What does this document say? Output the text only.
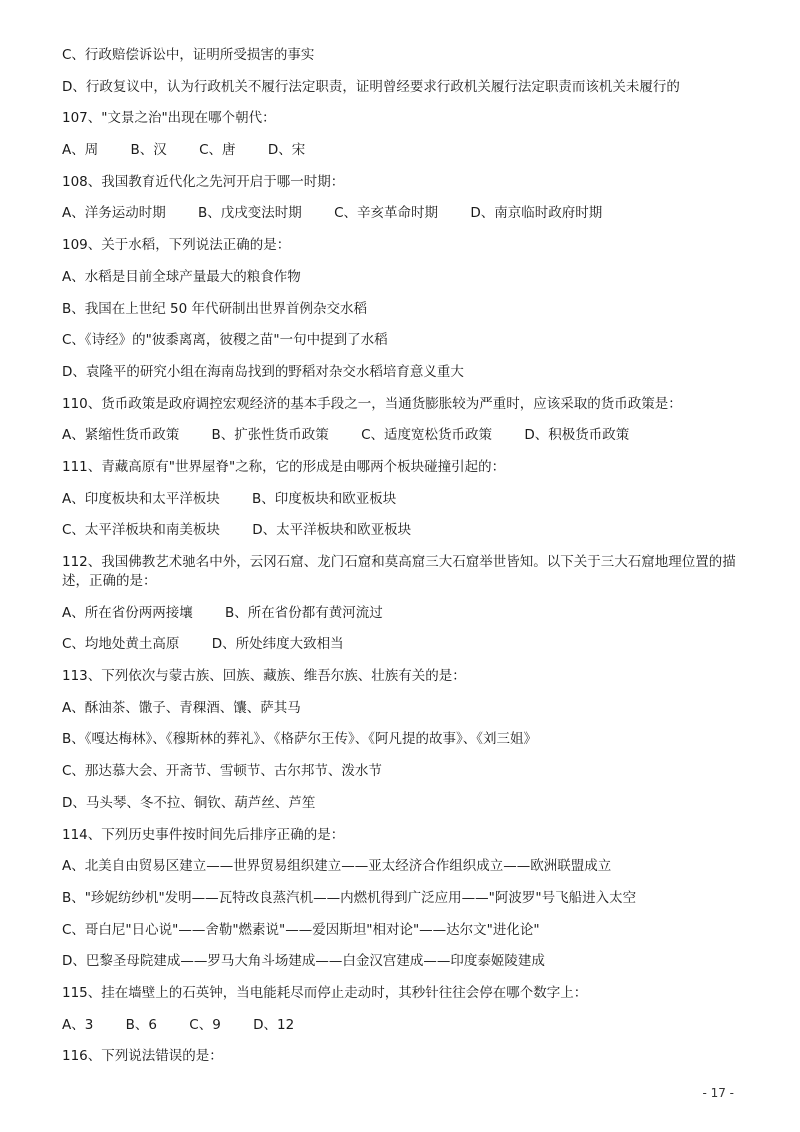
C、行政赔偿诉讼中，证明所受损害的事实

D、行政复议中，认为行政机关不履行法定职责，证明曾经要求行政机关履行法定职责而该机关未履行的

107、"文景之治"出现在哪个朝代：

A、周 B、汉 C、唐 D、宋

108、我国教育近代化之先河开启于哪一时期：

A、洋务运动时期 B、戊戌变法时期 C、辛亥革命时期 D、南京临时政府时期

109、关于水稻，下列说法正确的是：

A、水稻是目前全球产量最大的粮食作物

B、我国在上世纪 50 年代研制出世界首例杂交水稻

C、《诗经》的"彼黍离离，彼稷之苗"一句中提到了水稻

D、袁隆平的研究小组在海南岛找到的野稻对杂交水稻培育意义重大

110、货币政策是政府调控宏观经济的基本手段之一，当通货膨胀较为严重时，应该采取的货币政策是：

A、紧缩性货币政策 B、扩张性货币政策 C、适度宽松货币政策 D、积极货币政策

111、青藏高原有"世界屋脊"之称，它的形成是由哪两个板块碰撞引起的：

A、印度板块和太平洋板块 B、印度板块和欧亚板块

C、太平洋板块和南美板块 D、太平洋板块和欧亚板块

112、我国佛教艺术驰名中外，云冈石窟、龙门石窟和莫高窟三大石窟举世皆知。以下关于三大石窟地理位置的描述，正确的是：

A、所在省份两两接壤 B、所在省份都有黄河流过

C、均地处黄土高原 D、所处纬度大致相当

113、下列依次与蒙古族、回族、藏族、维吾尔族、壮族有关的是：

A、酥油茶、馓子、青稞酒、馕、萨其马

B、《嘎达梅林》、《穆斯林的葬礼》、《格萨尔王传》、《阿凡提的故事》、《刘三姐》

C、那达慕大会、开斋节、雪顿节、古尔邦节、泼水节

D、马头琴、冬不拉、铜钦、葫芦丝、芦笙

114、下列历史事件按时间先后排序正确的是：

A、北美自由贸易区建立——世界贸易组织建立——亚太经济合作组织成立——欧洲联盟成立

B、"珍妮纺纱机"发明——瓦特改良蒸汽机——内燃机得到广泛应用——"阿波罗"号飞船进入太空

C、哥白尼"日心说"——舍勒"燃素说"——爱因斯坦"相对论"——达尔文"进化论"

D、巴黎圣母院建成——罗马大角斗场建成——白金汉宫建成——印度泰姬陵建成

115、挂在墙壁上的石英钟，当电能耗尽而停止走动时，其秒针往往会停在哪个数字上：

A、3 B、6 C、9 D、12

116、下列说法错误的是：

- 17 -
